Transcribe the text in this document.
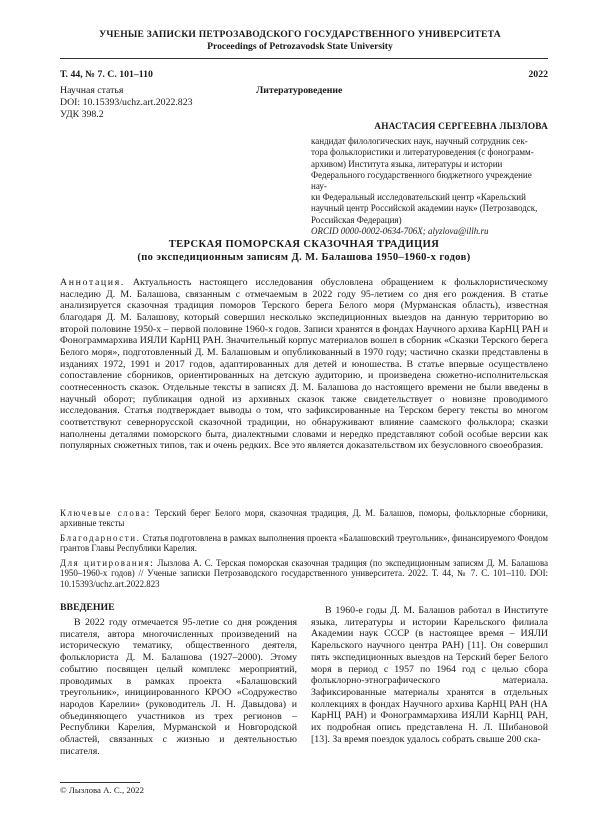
УЧЕНЫЕ ЗАПИСКИ ПЕТРОЗАВОДСКОГО ГОСУДАРСТВЕННОГО УНИВЕРСИТЕТА
Proceedings of Petrozavodsk State University
Т. 44, № 7. С. 101–110	2022
Научная статья	Литературоведение
DOI: 10.15393/uchz.art.2022.823
УДК 398.2
АНАСТАСИЯ СЕРГЕЕВНА ЛЫЗЛОВА
кандидат филологических наук, научный сотрудник сек-
тора фольклористики и литературоведения (с фонограмм-
архивом) Института языка, литературы и истории
Федерального государственного бюджетного учреждение нау-
ки Федеральный исследовательский центр «Карельский
научный центр Российской академии наук» (Петрозаводск,
Российская Федерация)
ORCID 0000-0002-0634-706X; alyzlova@illh.ru
ТЕРСКАЯ ПОМОРСКАЯ СКАЗОЧНАЯ ТРАДИЦИЯ
(по экспедиционным записям Д. М. Балашова 1950–1960-х годов)
Аннотация. Актуальность настоящего исследования обусловлена обращением к фольклористическому наследию Д. М. Балашова, связанным с отмечаемым в 2022 году 95-летием со дня его рождения. В статье анализируется сказочная традиция поморов Терского берега Белого моря (Мурманская область), известная благодаря Д. М. Балашову, который совершил несколько экспедиционных выездов на данную территорию во второй половине 1950-х – первой половине 1960-х годов. Записи хранятся в фондах Научного архива КарНЦ РАН и Фонограммархива ИЯЛИ КарНЦ РАН. Значительный корпус материалов вошел в сборник «Сказки Терского берега Белого моря», подготовленный Д. М. Балашовым и опубликованный в 1970 году; частично сказки представлены в изданиях 1972, 1991 и 2017 годов, адаптированных для детей и юношества. В статье впервые осуществлено сопоставление сборников, ориентированных на детскую аудиторию, и произведена сюжетно-исполнительская соотнесенность сказок. Отдельные тексты в записях Д. М. Балашова до настоящего времени не были введены в научный оборот; публикация одной из архивных сказок также свидетельствует о новизне проводимого исследования. Статья подтверждает выводы о том, что зафиксированные на Терском берегу тексты во многом соответствуют севернорусской сказочной традиции, но обнаруживают влияние саамского фольклора; сказки наполнены деталями поморского быта, диалектными словами и нередко представляют собой особые версии как популярных сюжетных типов, так и очень редких. Все это является доказательством их безусловного своеобразия.
Ключевые слова: Терский берег Белого моря, сказочная традиция, Д. М. Балашов, поморы, фольклорные сборники, архивные тексты
Благодарности. Статья подготовлена в рамках выполнения проекта «Балашовский треугольник», финансируемого Фондом грантов Главы Республики Карелия.
Для цитирования: Лызлова А. С. Терская поморская сказочная традиция (по экспедиционным записям Д. М. Балашова 1950–1960-х годов) // Ученые записки Петрозаводского государственного университета. 2022. Т. 44, № 7. С. 101–110. DOI: 10.15393/uchz.art.2022.823
ВВЕДЕНИЕ
В 2022 году отмечается 95-летие со дня рождения писателя, автора многочисленных произведений на историческую тематику, общественного деятеля, фольклориста Д. М. Балашова (1927–2000). Этому событию посвящен целый комплекс мероприятий, проводимых в рамках проекта «Балашовский треугольник», инициированного КРОО «Содружество народов Карелии» (руководитель Л. Н. Давыдова) и объединяющего участников из трех регионов – Республики Карелия, Мурманской и Новгородской областей, связанных с жизнью и деятельностью писателя.
В 1960-е годы Д. М. Балашов работал в Институте языка, литературы и истории Карельского филиала Академии наук СССР (в настоящее время – ИЯЛИ Карельского научного центра РАН) [11]. Он совершил пять экспедиционных выездов на Терский берег Белого моря в период с 1957 по 1964 год с целью сбора фольклорно-этнографического материала. Зафиксированные материалы хранятся в отдельных коллекциях в фондах Научного архива КарНЦ РАН (НА КарНЦ РАН) и Фонограммархива ИЯЛИ КарНЦ РАН, их подробная опись представлена Н. Л. Шибановой [13]. За время поездок удалось собрать свыше 200 ска-
© Лызлова А. С., 2022
